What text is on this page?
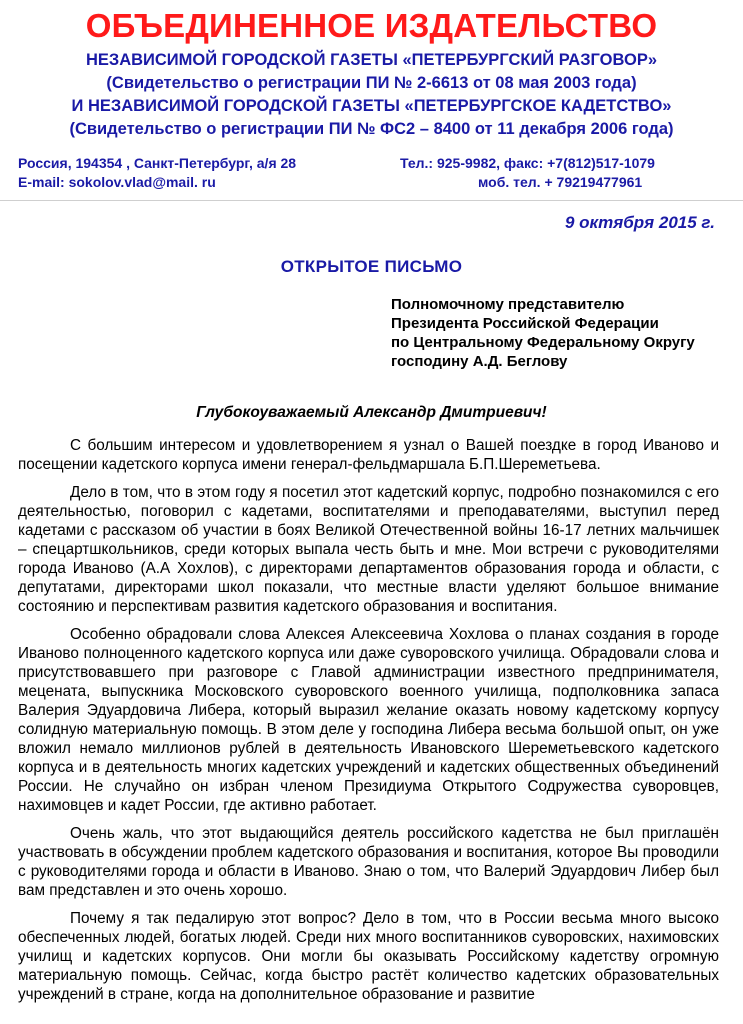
ОБЪЕДИНЕННОЕ ИЗДАТЕЛЬСТВО
НЕЗАВИСИМОЙ ГОРОДСКОЙ ГАЗЕТЫ «ПЕТЕРБУРГСКИЙ РАЗГОВОР»
(Свидетельство о регистрации ПИ № 2-6613 от 08 мая 2003 года)
И НЕЗАВИСИМОЙ ГОРОДСКОЙ ГАЗЕТЫ «ПЕТЕРБУРГСКОЕ КАДЕТСТВО»
(Свидетельство о регистрации ПИ № ФС2 – 8400 от 11 декабря 2006 года)
Россия, 194354 , Санкт-Петербург, а/я 28
E-mail: sokolov.vlad@mail. ru
Тел.: 925-9982, факс: +7(812)517-1079
моб. тел. + 79219477961
9 октября 2015 г.
ОТКРЫТОЕ ПИСЬМО
Полномочному представителю
Президента Российской Федерации
по Центральному Федеральному Округу
господину А.Д. Беглову
Глубокоуважаемый Александр Дмитриевич!

С большим интересом и удовлетворением я узнал о Вашей поездке в город Иваново и посещении кадетского корпуса имени генерал-фельдмаршала Б.П.Шереметьева.

Дело в том, что в этом году я посетил этот кадетский корпус, подробно познакомился с его деятельностью, поговорил с кадетами, воспитателями и преподавателями, выступил перед кадетами с рассказом об участии в боях Великой Отечественной войны 16-17 летних мальчишек – спецартшкольников, среди которых выпала честь быть и мне. Мои встречи с руководителями города Иваново (А.А Хохлов), с директорами департаментов образования города и области, с депутатами, директорами школ показали, что местные власти уделяют большое внимание состоянию и перспективам развития кадетского образования и воспитания.

Особенно обрадовали слова Алексея Алексеевича Хохлова о планах создания в городе Иваново полноценного кадетского корпуса или даже суворовского училища. Обрадовали слова и присутствовавшего при разговоре с Главой администрации известного предпринимателя, мецената, выпускника Московского суворовского военного училища, подполковника запаса Валерия Эдуардовича Либера, который выразил желание оказать новому кадетскому корпусу солидную материальную помощь. В этом деле у господина Либера весьма большой опыт, он уже вложил немало миллионов рублей в деятельность Ивановского Шереметьевского кадетского корпуса и в деятельность многих кадетских учреждений и кадетских общественных объединений России. Не случайно он избран членом Президиума Открытого Содружества суворовцев, нахимовцев и кадет России, где активно работает.

Очень жаль, что этот выдающийся деятель российского кадетства не был приглашён участвовать в обсуждении проблем кадетского образования и воспитания, которое Вы проводили с руководителями города и области в Иваново. Знаю о том, что Валерий Эдуардович Либер был вам представлен и это очень хорошо.

Почему я так педалирую этот вопрос? Дело в том, что в России весьма много высоко обеспеченных людей, богатых людей. Среди них много воспитанников суворовских, нахимовских училищ и кадетских корпусов. Они могли бы оказывать Российскому кадетству огромную материальную помощь. Сейчас, когда быстро растёт количество кадетских образовательных учреждений в стране, когда на дополнительное образование и развитие
